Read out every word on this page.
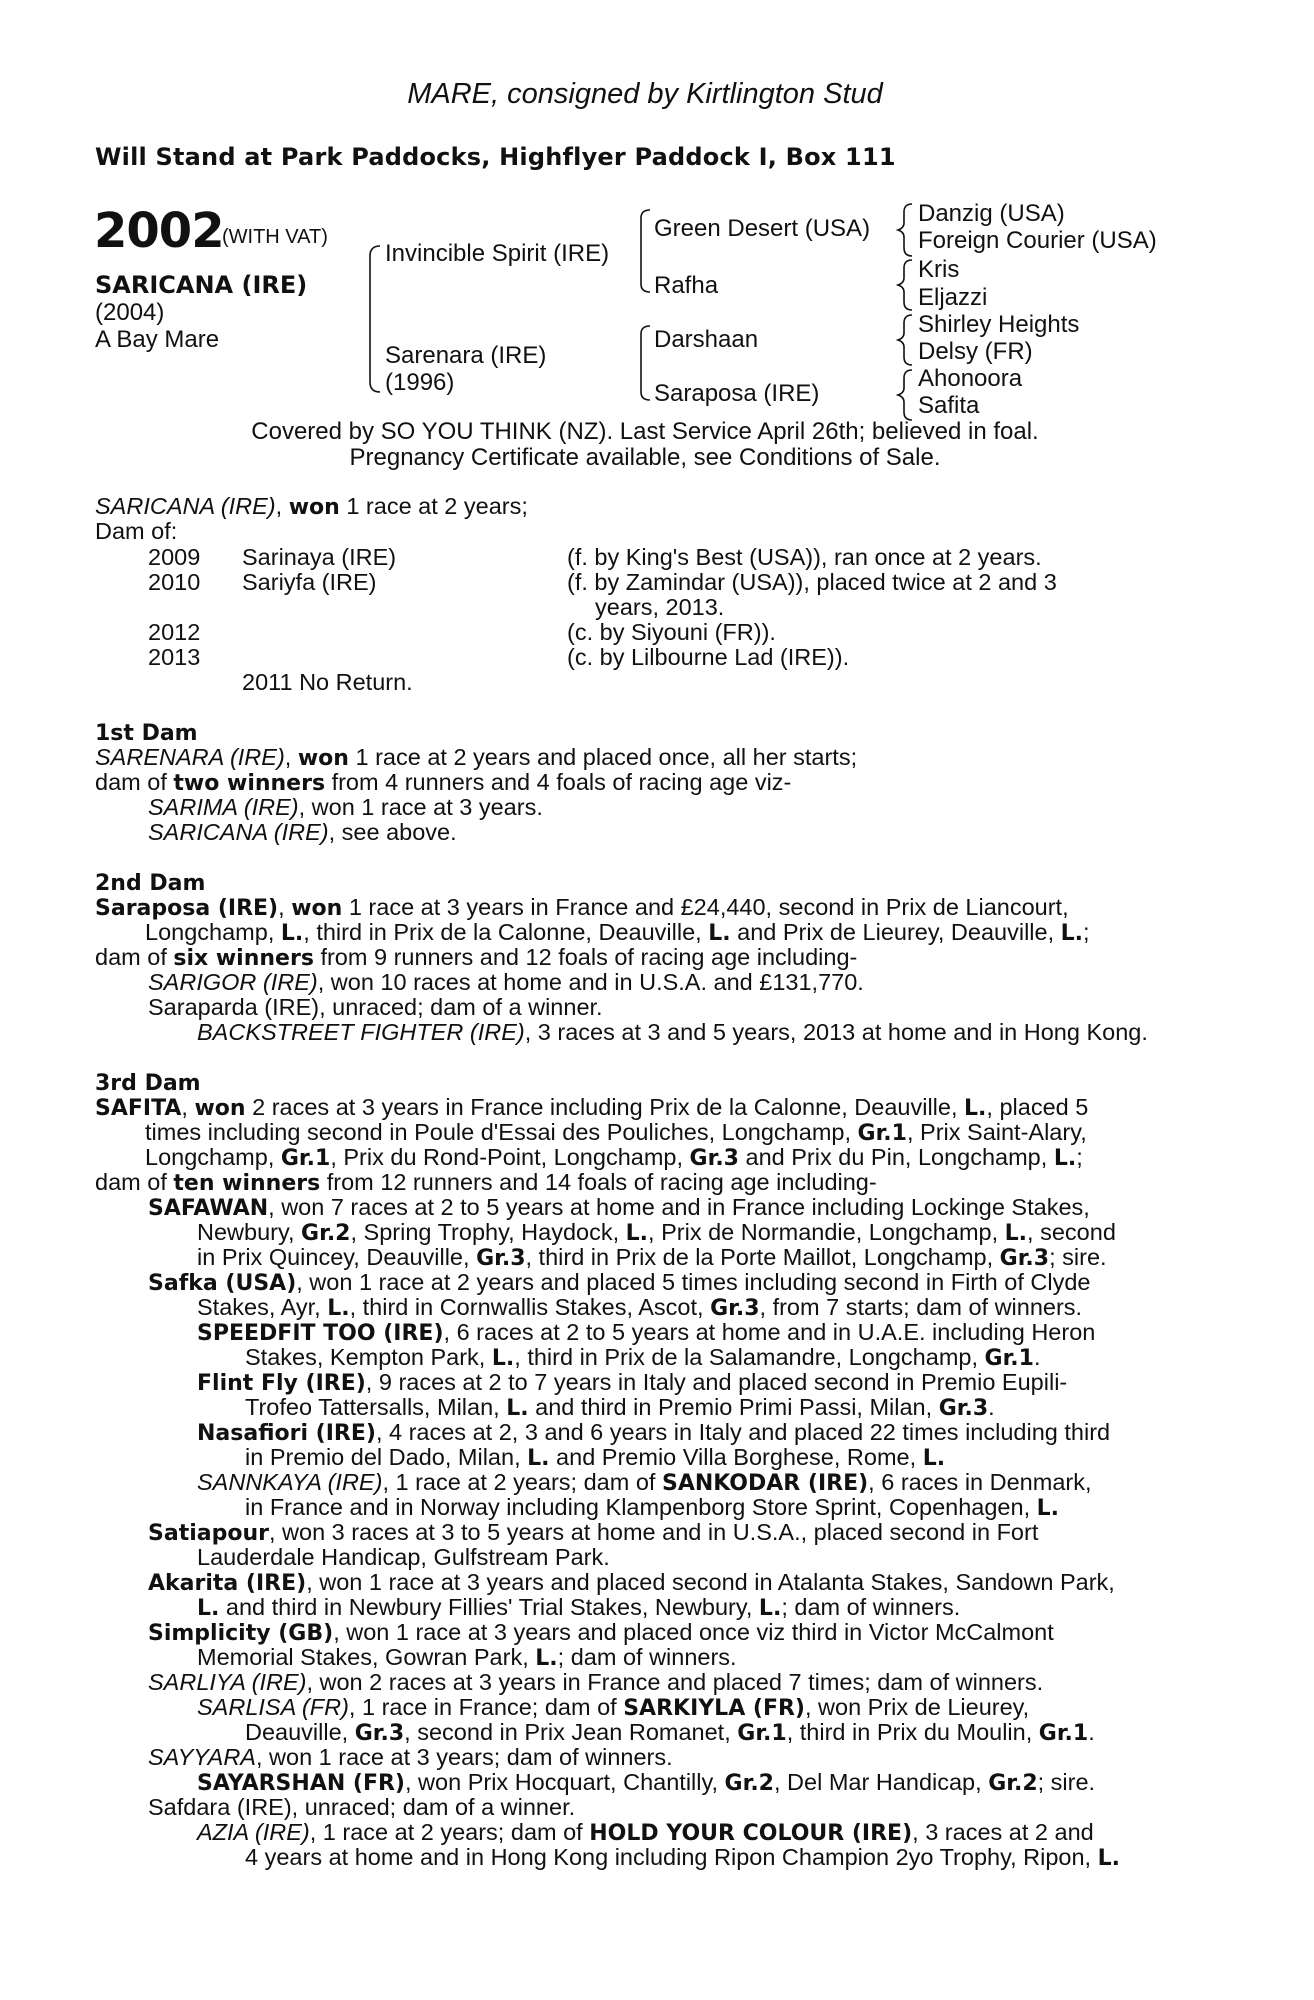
MARE, consigned by Kirtlington Stud
Will Stand at Park Paddocks, Highflyer Paddock I, Box 111
2002
(WITH VAT)
SARICANA (IRE)
(2004)
A Bay Mare
Invincible Spirit (IRE)
Sarenara (IRE)
(1996)
Green Desert (USA)
Rafha
Darshaan
Saraposa (IRE)
Danzig (USA)
Foreign Courier (USA)
Kris
Eljazzi
Shirley Heights
Delsy (FR)
Ahonoora
Safita
Covered by SO YOU THINK (NZ). Last Service April 26th; believed in foal.
Pregnancy Certificate available, see Conditions of Sale.
SARICANA (IRE), won 1 race at 2 years;
Dam of:
2009 Sarinaya (IRE)	(f. by King's Best (USA)), ran once at 2 years.
2010 Sariyfa (IRE)	(f. by Zamindar (USA)), placed twice at 2 and 3
years, 2013.
2012	(c. by Siyouni (FR)).
2013	(c. by Lilbourne Lad (IRE)).
2011 No Return.
1st Dam
SARENARA (IRE), won 1 race at 2 years and placed once, all her starts;
dam of two winners from 4 runners and 4 foals of racing age viz-
SARIMA (IRE), won 1 race at 3 years.
SARICANA (IRE), see above.
2nd Dam
Saraposa (IRE), won 1 race at 3 years in France and £24,440, second in Prix de Liancourt,
Longchamp, L., third in Prix de la Calonne, Deauville, L. and Prix de Lieurey, Deauville, L.;
dam of six winners from 9 runners and 12 foals of racing age including-
SARIGOR (IRE), won 10 races at home and in U.S.A. and £131,770.
Saraparda (IRE), unraced; dam of a winner.
BACKSTREET FIGHTER (IRE), 3 races at 3 and 5 years, 2013 at home and in Hong Kong.
3rd Dam
SAFITA, won 2 races at 3 years in France including Prix de la Calonne, Deauville, L., placed 5
times including second in Poule d'Essai des Pouliches, Longchamp, Gr.1, Prix Saint-Alary,
Longchamp, Gr.1, Prix du Rond-Point, Longchamp, Gr.3 and Prix du Pin, Longchamp, L.;
dam of ten winners from 12 runners and 14 foals of racing age including-
SAFAWAN, won 7 races at 2 to 5 years at home and in France including Lockinge Stakes,
Newbury, Gr.2, Spring Trophy, Haydock, L., Prix de Normandie, Longchamp, L., second
in Prix Quincey, Deauville, Gr.3, third in Prix de la Porte Maillot, Longchamp, Gr.3; sire.
Safka (USA), won 1 race at 2 years and placed 5 times including second in Firth of Clyde
Stakes, Ayr, L., third in Cornwallis Stakes, Ascot, Gr.3, from 7 starts; dam of winners.
SPEEDFIT TOO (IRE), 6 races at 2 to 5 years at home and in U.A.E. including Heron
Stakes, Kempton Park, L., third in Prix de la Salamandre, Longchamp, Gr.1.
Flint Fly (IRE), 9 races at 2 to 7 years in Italy and placed second in Premio Eupili-
Trofeo Tattersalls, Milan, L. and third in Premio Primi Passi, Milan, Gr.3.
Nasafiori (IRE), 4 races at 2, 3 and 6 years in Italy and placed 22 times including third
in Premio del Dado, Milan, L. and Premio Villa Borghese, Rome, L.
SANNKAYA (IRE), 1 race at 2 years; dam of SANKODAR (IRE), 6 races in Denmark,
in France and in Norway including Klampenborg Store Sprint, Copenhagen, L.
Satiapour, won 3 races at 3 to 5 years at home and in U.S.A., placed second in Fort
Lauderdale Handicap, Gulfstream Park.
Akarita (IRE), won 1 race at 3 years and placed second in Atalanta Stakes, Sandown Park,
L. and third in Newbury Fillies' Trial Stakes, Newbury, L.; dam of winners.
Simplicity (GB), won 1 race at 3 years and placed once viz third in Victor McCalmont
Memorial Stakes, Gowran Park, L.; dam of winners.
SARLIYA (IRE), won 2 races at 3 years in France and placed 7 times; dam of winners.
SARLISA (FR), 1 race in France; dam of SARKIYLA (FR), won Prix de Lieurey,
Deauville, Gr.3, second in Prix Jean Romanet, Gr.1, third in Prix du Moulin, Gr.1.
SAYYARA, won 1 race at 3 years; dam of winners.
SAYARSHAN (FR), won Prix Hocquart, Chantilly, Gr.2, Del Mar Handicap, Gr.2; sire.
Safdara (IRE), unraced; dam of a winner.
AZIA (IRE), 1 race at 2 years; dam of HOLD YOUR COLOUR (IRE), 3 races at 2 and
4 years at home and in Hong Kong including Ripon Champion 2yo Trophy, Ripon, L.
